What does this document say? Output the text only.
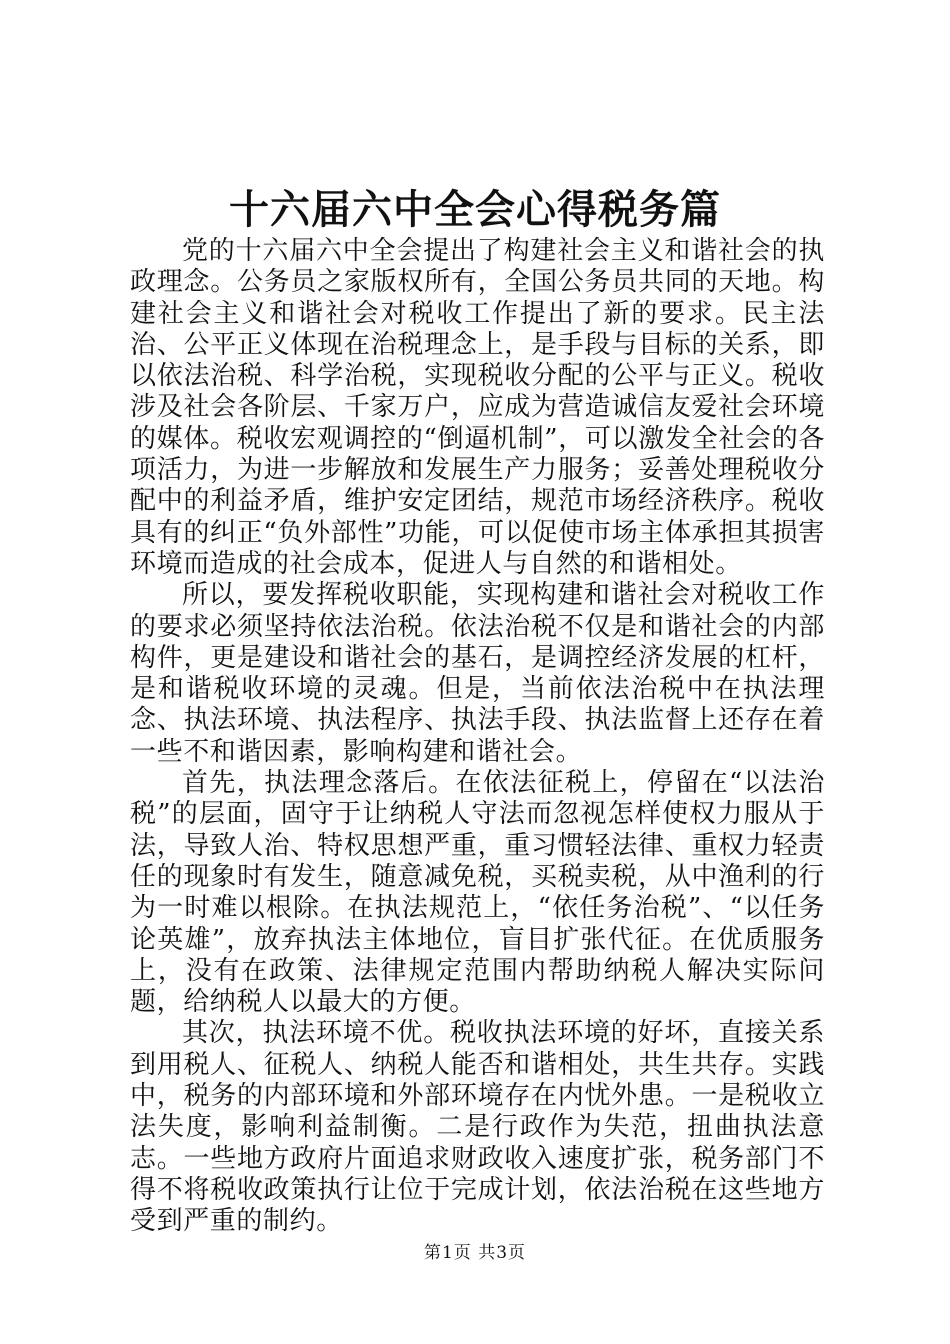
十六届六中全会心得税务篇

党的十六届六中全会提出了构建社会主义和谐社会的执政理念。公务员之家版权所有，全国公务员共同的天地。构建社会主义和谐社会对税收工作提出了新的要求。民主法治、公平正义体现在治税理念上，是手段与目标的关系，即以依法治税、科学治税，实现税收分配的公平与正义。税收涉及社会各阶层、千家万户，应成为营造诚信友爱社会环境的媒体。税收宏观调控的“倒逼机制”，可以激发全社会的各项活力，为进一步解放和发展生产力服务；妥善处理税收分配中的利益矛盾，维护安定团结，规范市场经济秩序。税收具有的纠正“负外部性”功能，可以促使市场主体承担其损害环境而造成的社会成本，促进人与自然的和谐相处。

所以，要发挥税收职能，实现构建和谐社会对税收工作的要求必须坚持依法治税。依法治税不仅是和谐社会的内部构件，更是建设和谐社会的基石，是调控经济发展的杠杆，是和谐税收环境的灵魂。但是，当前依法治税中在执法理念、执法环境、执法程序、执法手段、执法监督上还存在着一些不和谐因素，影响构建和谐社会。

首先，执法理念落后。在依法征税上，停留在“以法治税”的层面，固守于让纳税人守法而忽视怎样使权力服从于法，导致人治、特权思想严重，重习惯轻法律、重权力轻责任的现象时有发生，随意减免税，买税卖税，从中渔利的行为一时难以根除。在执法规范上，“依任务治税”、“以任务论英雄”，放弃执法主体地位，盲目扩张代征。在优质服务上，没有在政策、法律规定范围内帮助纳税人解决实际问题，给纳税人以最大的方便。

其次，执法环境不优。税收执法环境的好坏，直接关系到用税人、征税人、纳税人能否和谐相处，共生共存。实践中，税务的内部环境和外部环境存在内忧外患。一是税收立法失度，影响利益制衡。二是行政作为失范，扭曲执法意志。一些地方政府片面追求财政收入速度扩张，税务部门不得不将税收政策执行让位于完成计划，依法治税在这些地方受到严重的制约。

第1页 共3页
